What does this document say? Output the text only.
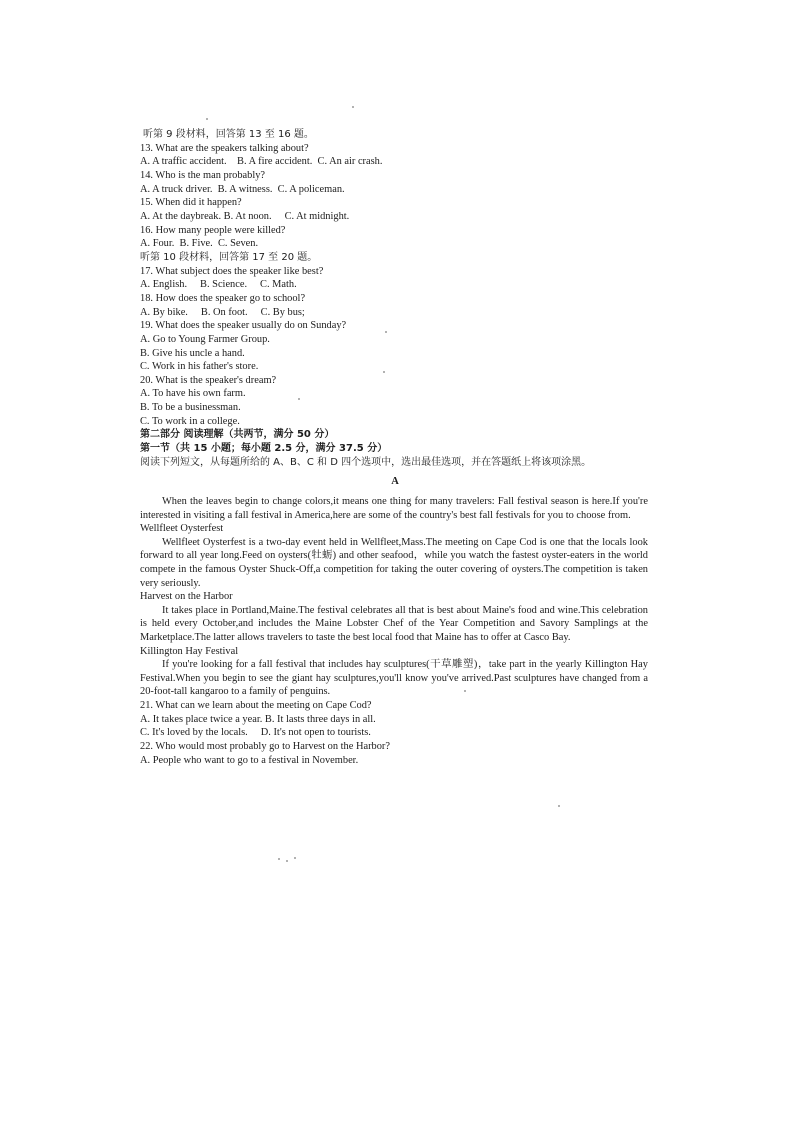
听第 9 段材料，回答第 13 至 16 题。
13. What are the speakers talking about?
A. A traffic accident.    B. A fire accident.  C. An air crash.
14. Who is the man probably?
A. A truck driver.  B. A witness.  C. A policeman.
15. When did it happen?
A. At the daybreak. B. At noon.     C. At midnight.
16. How many people were killed?
A. Four.  B. Five.  C. Seven.
听第 10 段材料，回答第 17 至 20 题。
17. What subject does the speaker like best?
A. English.     B. Science.     C. Math.
18. How does the speaker go to school?
A. By bike.     B. On foot.     C. By bus;
19. What does the speaker usually do on Sunday?
A. Go to Young Farmer Group.
B. Give his uncle a hand.
C. Work in his father's store.
20. What is the speaker's dream?
A. To have his own farm.
B. To be a businessman.
C. To work in a college.
第二部分 阅读理解（共两节，满分 50 分）
第一节（共 15 小题；每小题 2.5 分，满分 37.5 分）
阅读下列短文，从每题所给的 A、B、C 和 D 四个选项中，选出最佳选项，并在答题纸上将该项涂黑。
A
When the leaves begin to change colors,it means one thing for many travelers: Fall festival season is here.If you're interested in visiting a fall festival in America,here are some of the country's best fall festivals for you to choose from.
Wellfleet Oysterfest
Wellfleet Oysterfest is a two-day event held in Wellfleet,Mass.The meeting on Cape Cod is one that the locals look forward to all year long.Feed on oysters(牡蛎) and other seafood，while you watch the fastest oyster-eaters in the world compete in the famous Oyster Shuck-Off,a competition for taking the outer covering of oysters.The competition is taken very seriously.
Harvest on the Harbor
It takes place in Portland,Maine.The festival celebrates all that is best about Maine's food and wine.This celebration is held every October,and includes the Maine Lobster Chef of the Year Competition and Savory Samplings at the Marketplace.The latter allows travelers to taste the best local food that Maine has to offer at Casco Bay.
Killington Hay Festival
If you're looking for a fall festival that includes hay sculptures(干草雕塑)，take part in the yearly Killington Hay Festival.When you begin to see the giant hay sculptures,you'll know you've arrived.Past sculptures have changed from a 20-foot-tall kangaroo to a family of penguins.
21. What can we learn about the meeting on Cape Cod?
A. It takes place twice a year. B. It lasts three days in all.
C. It's loved by the locals.     D. It's not open to tourists.
22. Who would most probably go to Harvest on the Harbor?
A. People who want to go to a festival in November.
